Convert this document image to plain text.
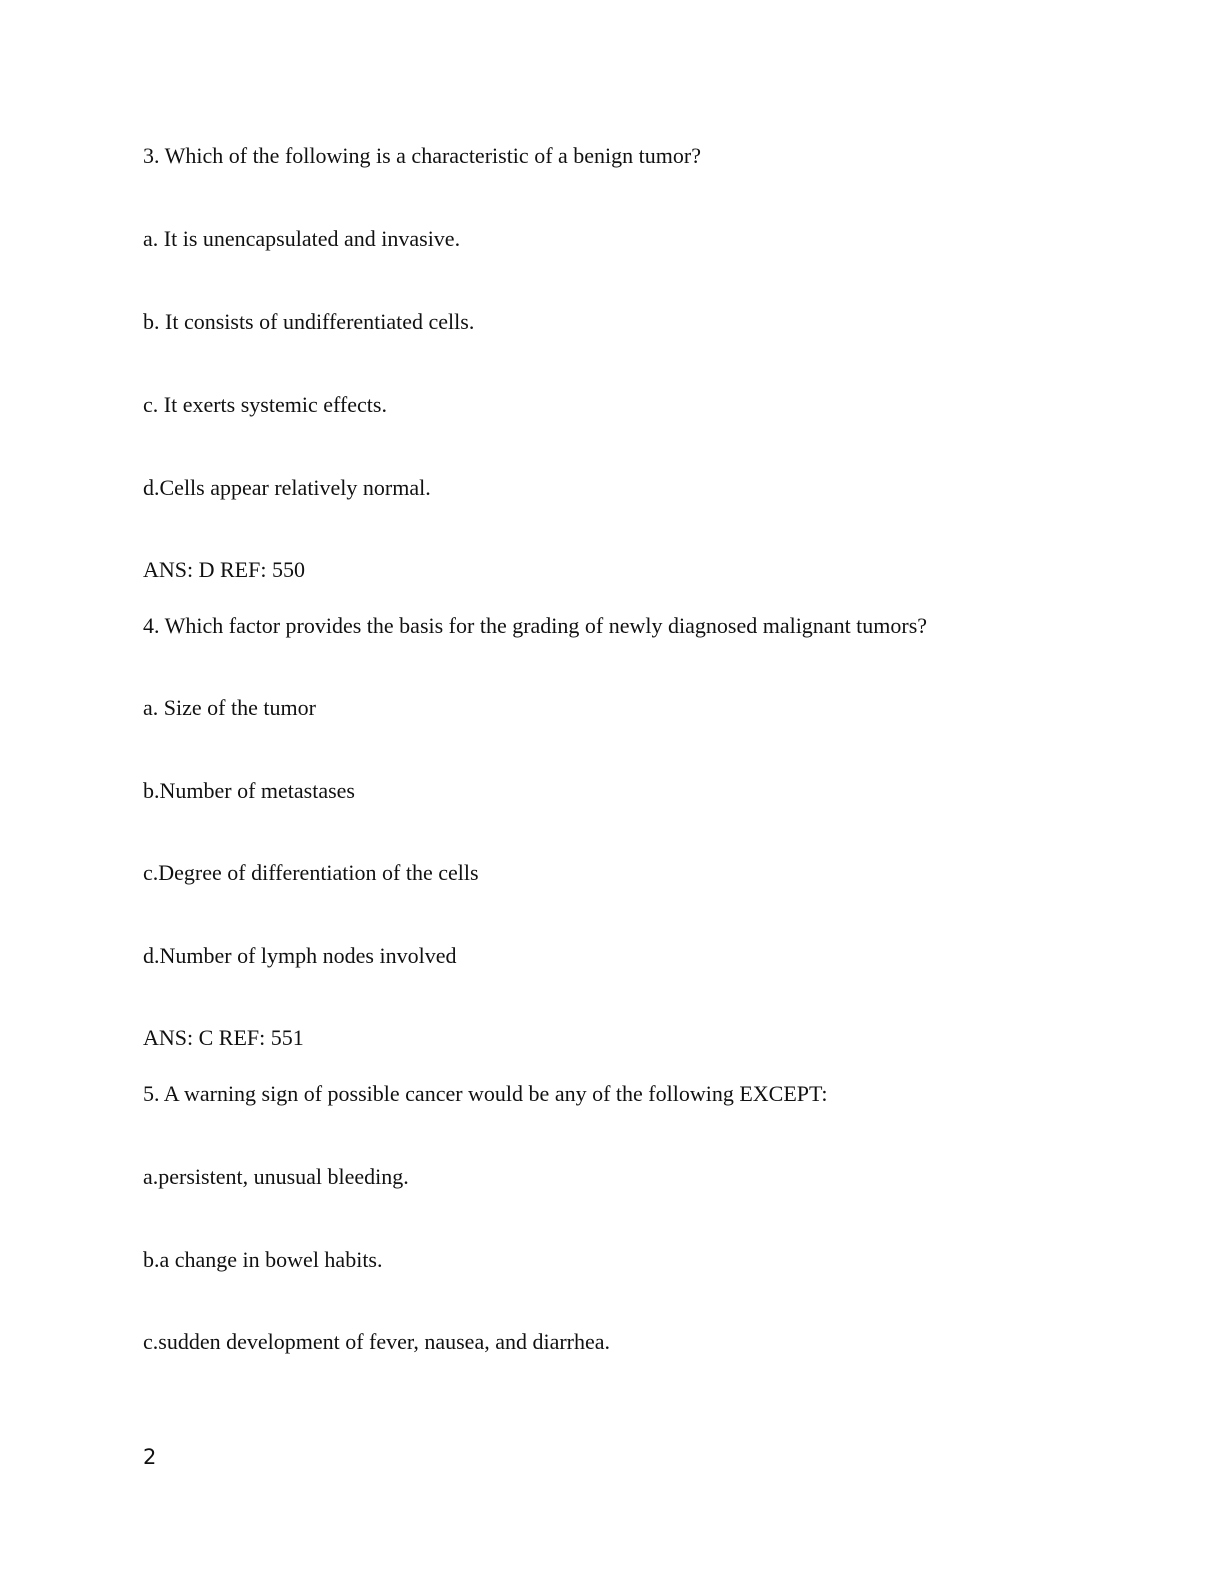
3. Which of the following is a characteristic of a benign tumor?
a. It is unencapsulated and invasive.
b. It consists of undifferentiated cells.
c. It exerts systemic effects.
d.Cells appear relatively normal.
ANS: D REF: 550
4. Which factor provides the basis for the grading of newly diagnosed malignant tumors?
a. Size of the tumor
b.Number of metastases
c.Degree of differentiation of the cells
d.Number of lymph nodes involved
ANS: C REF: 551
5. A warning sign of possible cancer would be any of the following EXCEPT:
a.persistent, unusual bleeding.
b.a change in bowel habits.
c.sudden development of fever, nausea, and diarrhea.
2
